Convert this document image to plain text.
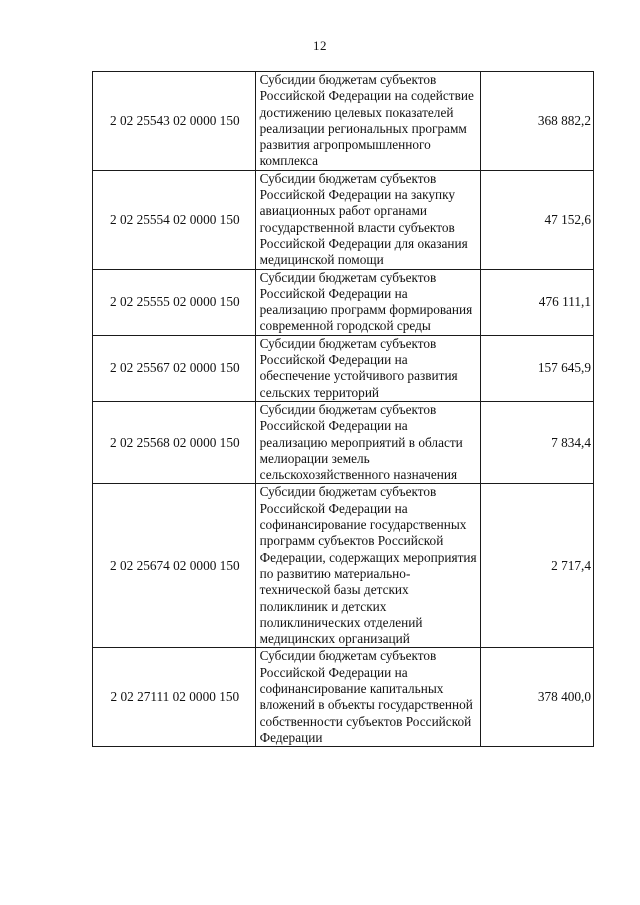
12
2 02 25543 02 0000 150	Субсидии бюджетам субъектов Российской Федерации на содействие достижению целевых показателей реализации региональных программ развития агропромышленного комплекса	368 882,2
2 02 25554 02 0000 150	Субсидии бюджетам субъектов Российской Федерации на закупку авиационных работ органами государственной власти субъектов Российской Федерации для оказания медицинской помощи	47 152,6
2 02 25555 02 0000 150	Субсидии бюджетам субъектов Российской Федерации на реализацию программ формирования современной городской среды	476 111,1
2 02 25567 02 0000 150	Субсидии бюджетам субъектов Российской Федерации на обеспечение устойчивого развития сельских территорий	157 645,9
2 02 25568 02 0000 150	Субсидии бюджетам субъектов Российской Федерации на реализацию мероприятий в области мелиорации земель сельскохозяйственного назначения	7 834,4
2 02 25674 02 0000 150	Субсидии бюджетам субъектов Российской Федерации на софинансирование государственных программ субъектов Российской Федерации, содержащих мероприятия по развитию материально-технической базы детских поликлиник и детских поликлинических отделений медицинских организаций	2 717,4
2 02 27111 02 0000 150	Субсидии бюджетам субъектов Российской Федерации на софинансирование капитальных вложений в объекты государственной собственности субъектов Российской Федерации	378 400,0
